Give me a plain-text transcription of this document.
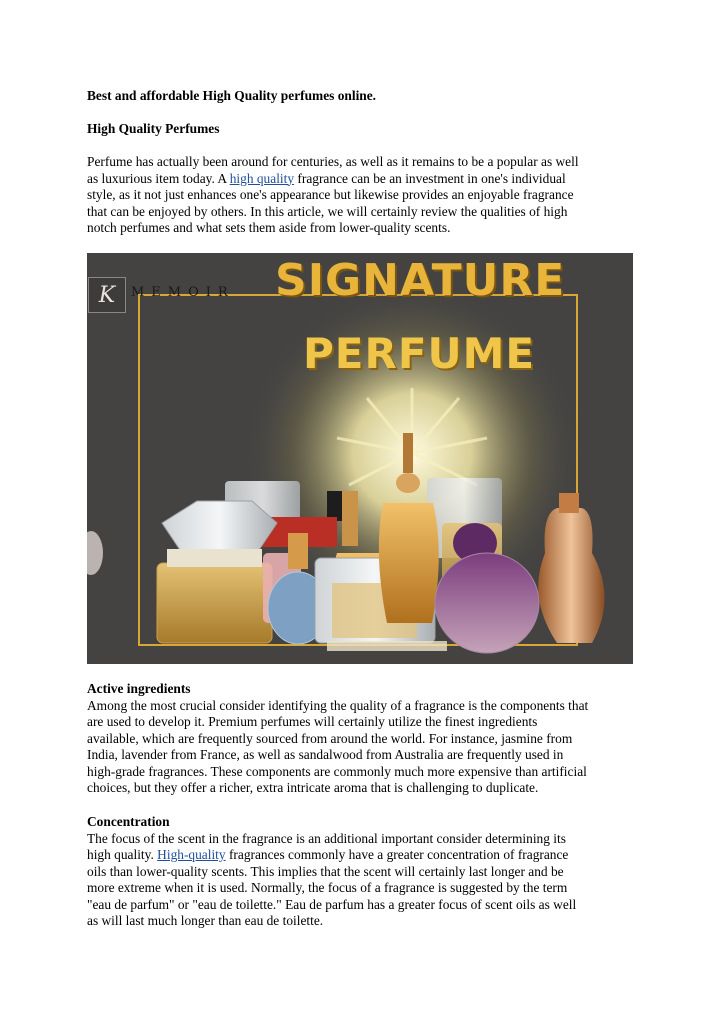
Best and affordable High Quality perfumes online.
High Quality Perfumes
Perfume has actually been around for centuries, as well as it remains to be a popular as well
as luxurious item today. A high quality fragrance can be an investment in one's individual
style, as it not just enhances one's appearance but likewise provides an enjoyable fragrance
that can be enjoyed by others. In this article, we will certainly review the qualities of high
notch perfumes and what sets them aside from lower-quality scents.
K MEMOIR SIGNATURE
PERFUME
Active ingredients
Among the most crucial consider identifying the quality of a fragrance is the components that
are used to develop it. Premium perfumes will certainly utilize the finest ingredients
available, which are frequently sourced from around the world. For instance, jasmine from
India, lavender from France, as well as sandalwood from Australia are frequently used in
high-grade fragrances. These components are commonly much more expensive than artificial
choices, but they offer a richer, extra intricate aroma that is challenging to duplicate.
Concentration
The focus of the scent in the fragrance is an additional important consider determining its
high quality. High-quality fragrances commonly have a greater concentration of fragrance
oils than lower-quality scents. This implies that the scent will certainly last longer and be
more extreme when it is used. Normally, the focus of a fragrance is suggested by the term
"eau de parfum" or "eau de toilette." Eau de parfum has a greater focus of scent oils as well
as will last much longer than eau de toilette.
